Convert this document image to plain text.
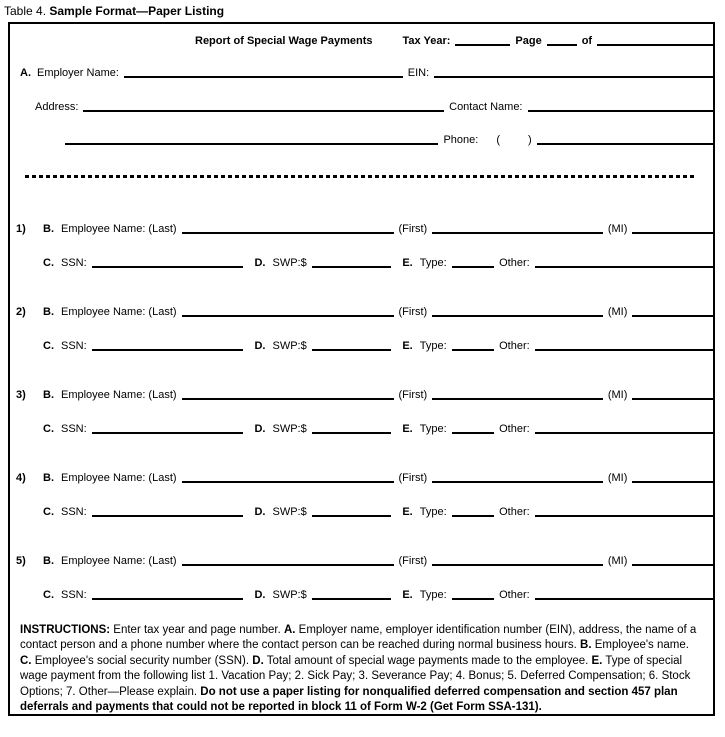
Table 4. Sample Format—Paper Listing
Report of Special Wage Payments	Tax Year:	Page	of
A. Employer Name:	EIN:
Address:	Contact Name:
Phone: (	)
1)	B. Employee Name: (Last)	(First)	(MI)
C. SSN:	D. SWP:$	E. Type:	Other:
2)	B. Employee Name: (Last)	(First)	(MI)
C. SSN:	D. SWP:$	E. Type:	Other:
3)	B. Employee Name: (Last)	(First)	(MI)
C. SSN:	D. SWP:$	E. Type:	Other:
4)	B. Employee Name: (Last)	(First)	(MI)
C. SSN:	D. SWP:$	E. Type:	Other:
5)	B. Employee Name: (Last)	(First)	(MI)
C. SSN:	D. SWP:$	E. Type:	Other:
INSTRUCTIONS: Enter tax year and page number. A. Employer name, employer identification number (EIN), address, the name of a contact person and a phone number where the contact person can be reached during normal business hours. B. Employee's name. C. Employee's social security number (SSN). D. Total amount of special wage payments made to the employee. E. Type of special wage payment from the following list 1. Vacation Pay; 2. Sick Pay; 3. Severance Pay; 4. Bonus; 5. Deferred Compensation; 6. Stock Options; 7. Other—Please explain. Do not use a paper listing for nonqualified deferred compensation and section 457 plan deferrals and payments that could not be reported in block 11 of Form W-2 (Get Form SSA-131).
